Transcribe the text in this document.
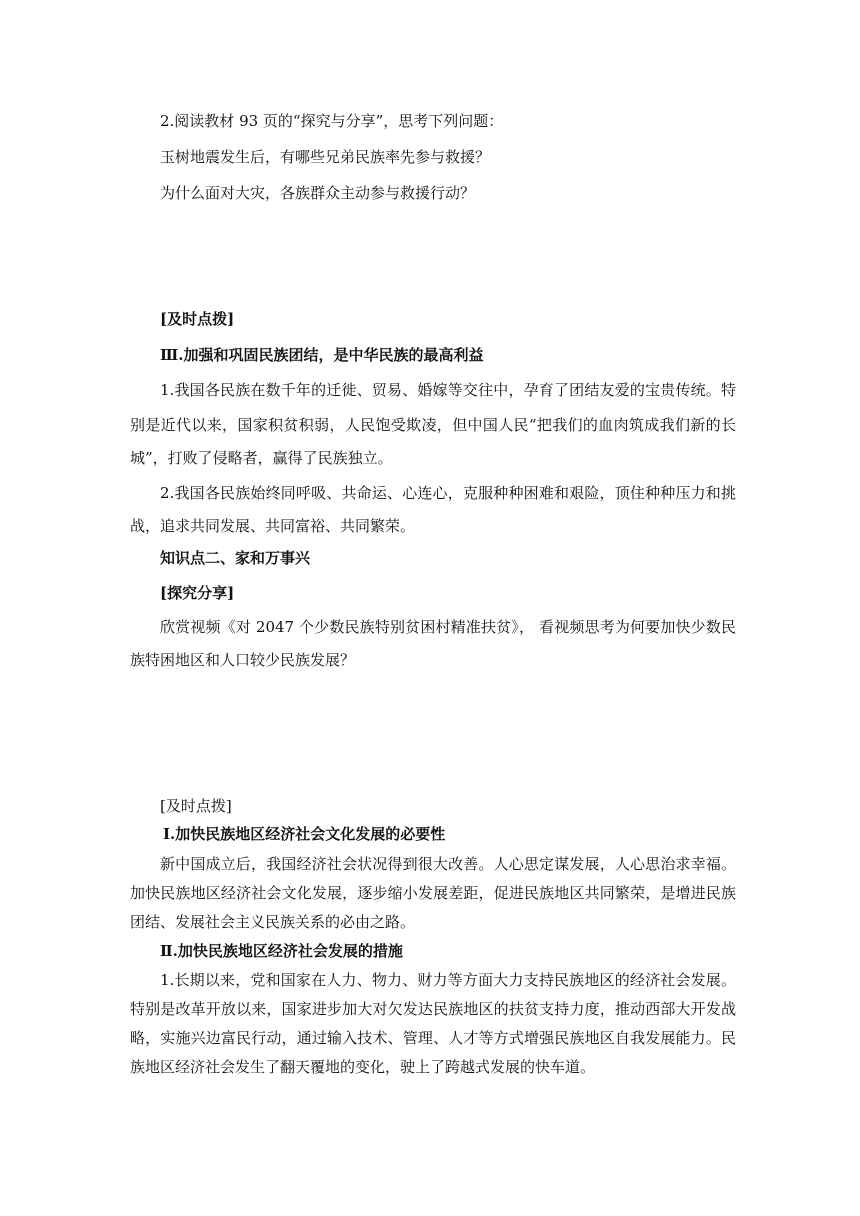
2.阅读教材 93 页的“探究与分享”，思考下列问题：
玉树地震发生后，有哪些兄弟民族率先参与救援？
为什么面对大灾，各族群众主动参与救援行动？
[及时点拨]
Ⅲ.加强和巩固民族团结，是中华民族的最高利益
1.我国各民族在数千年的迁徙、贸易、婚嫁等交往中，孕育了团结友爱的宝贵传统。特
别是近代以来，国家积贫积弱，人民饱受欺凌，但中国人民“把我们的血肉筑成我们新的长
城”，打败了侵略者，赢得了民族独立。
2.我国各民族始终同呼吸、共命运、心连心，克服种种困难和艰险，顶住种种压力和挑
战，追求共同发展、共同富裕、共同繁荣。
知识点二、家和万事兴
[探究分享]
欣赏视频《对 2047 个少数民族特别贫困村精准扶贫》， 看视频思考为何要加快少数民
族特困地区和人口较少民族发展？
[及时点拨]
Ⅰ.加快民族地区经济社会文化发展的必要性
新中国成立后，我国经济社会状况得到很大改善。人心思定谋发展，人心思治求幸福。
加快民族地区经济社会文化发展，逐步缩小发展差距，促进民族地区共同繁荣，是增进民族
团结、发展社会主义民族关系的必由之路。
Ⅱ.加快民族地区经济社会发展的措施
1.长期以来，党和国家在人力、物力、财力等方面大力支持民族地区的经济社会发展。
特别是改革开放以来，国家进步加大对欠发达民族地区的扶贫支持力度，推动西部大开发战
略，实施兴边富民行动，通过输入技术、管理、人才等方式增强民族地区自我发展能力。民
族地区经济社会发生了翻天覆地的变化，驶上了跨越式发展的快车道。
